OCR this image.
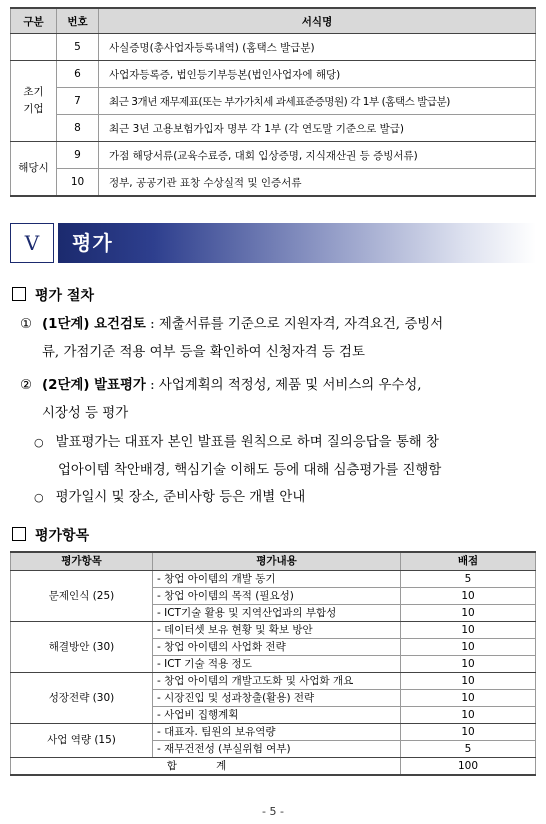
구분	번호	서식명
	5	사실증명(총사업자등록내역) (홈택스 발급분)
초기
기업	6	사업자등록증, 법인등기부등본(법인사업자에 해당)
	7	최근 3개년 재무제표(또는 부가가치세 과세표준증명원) 각 1부 (홈택스 발급분)
	8	최근 3년 고용보험가입자 명부 각 1부 (각 연도말 기준으로 발급)
해당시	9	가점 해당서류(교육수료증, 대회 입상증명, 지식재산권 등 증빙서류)
	10	정부, 공공기관 표창 수상실적 및 인증서류
V	평가
평가 절차
① (1단계) 요건검토 : 제출서류를 기준으로 지원자격, 자격요건, 증빙서
류, 가점기준 적용 여부 등을 확인하여 신청자격 등 검토
② (2단계) 발표평가 : 사업계획의 적정성, 제품 및 서비스의 우수성,
시장성 등 평가
○ 발표평가는 대표자 본인 발표를 원칙으로 하며 질의응답을 통해 창
업아이템 착안배경, 핵심기술 이해도 등에 대해 심층평가를 진행함
○ 평가일시 및 장소, 준비사항 등은 개별 안내
평가항목
평가항목	평가내용	배점
문제인식 (25)	- 창업 아이템의 개발 동기	5
	- 창업 아이템의 목적 (필요성)	10
	- ICT기술 활용 및 지역산업과의 부합성	10
해결방안 (30)	- 데이터셋 보유 현황 및 확보 방안	10
	- 창업 아이템의 사업화 전략	10
	- ICT 기술 적용 정도	10
성장전략 (30)	- 창업 아이템의 개발고도화 및 사업화 개요	10
	- 시장진입 및 성과창출(활용) 전략	10
	- 사업비 집행계획	10
사업 역량 (15)	- 대표자. 팀원의 보유역량	10
	- 재무건전성 (부실위험 여부)	5
합 계		100
- 5 -
